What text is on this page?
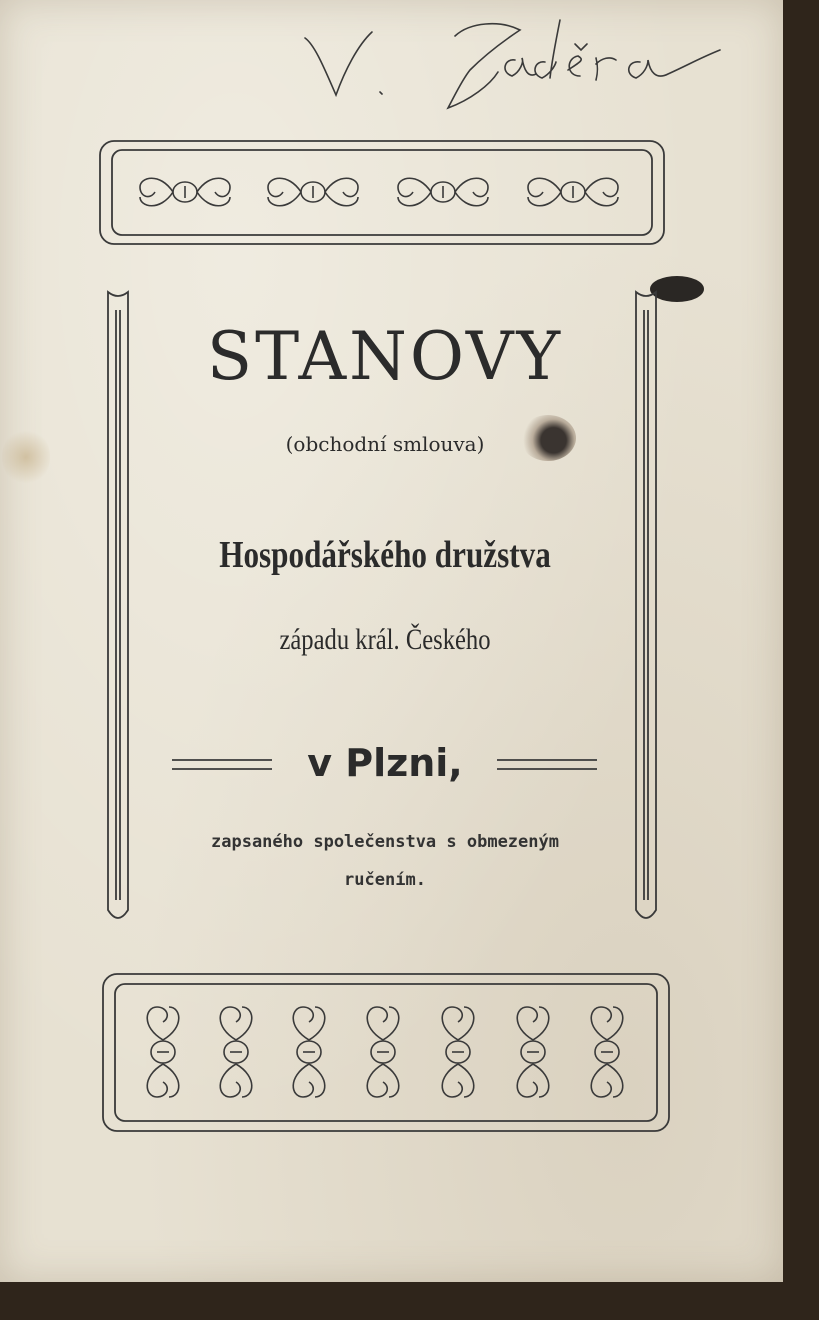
STANOVY
(obchodní smlouva)
Hospodářského družstva
západu král. Českého
v Plzni,
zapsaného společenstva s obmezeným
ručením.
